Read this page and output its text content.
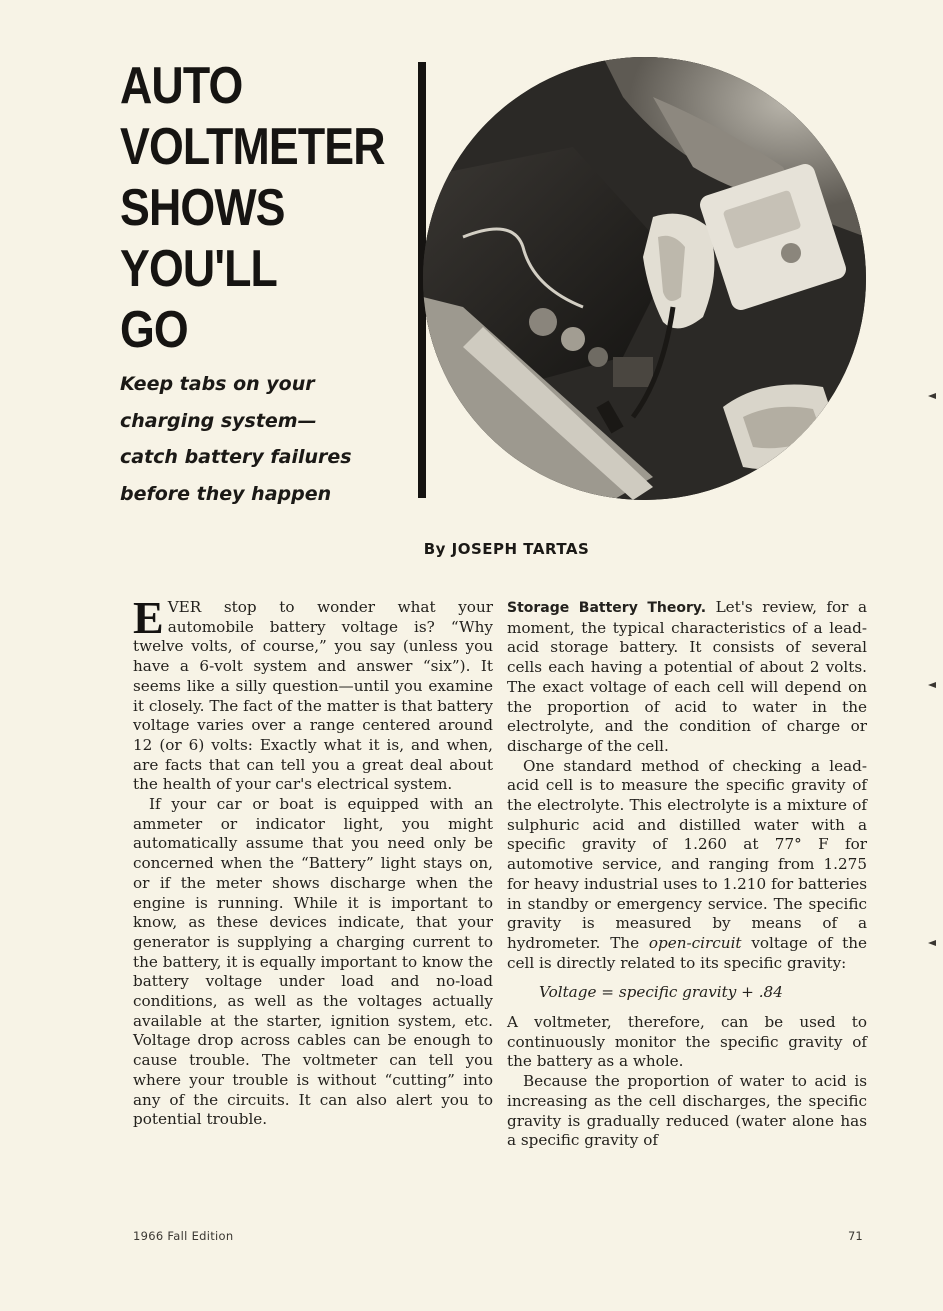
AUTO
VOLTMETER
SHOWS
YOU'LL
GO
Keep tabs on your
charging system—
catch battery failures
before they happen
By JOSEPH TARTAS

EVER stop to wonder what your automobile battery voltage is? “Why twelve volts, of course,” you say (unless you have a 6-volt system and answer “six”). It seems like a silly question—until you examine it closely. The fact of the matter is that battery voltage varies over a range centered around 12 (or 6) volts: Exactly what it is, and when, are facts that can tell you a great deal about the health of your car's electrical system.

If your car or boat is equipped with an ammeter or indicator light, you might automatically assume that you need only be concerned when the “Battery” light stays on, or if the meter shows discharge when the engine is running. While it is important to know, as these devices indicate, that your generator is supplying a charging current to the battery, it is equally important to know the battery voltage under load and no-load conditions, as well as the voltages actually available at the starter, ignition system, etc. Voltage drop across cables can be enough to cause trouble. The voltmeter can tell you where your trouble is without “cutting” into any of the circuits. It can also alert you to potential trouble.

Storage Battery Theory. Let's review, for a moment, the typical characteristics of a lead-acid storage battery. It consists of several cells each having a potential of about 2 volts. The exact voltage of each cell will depend on the proportion of acid to water in the electrolyte, and the condition of charge or discharge of the cell.

One standard method of checking a lead-acid cell is to measure the specific gravity of the electrolyte. This electrolyte is a mixture of sulphuric acid and distilled water with a specific gravity of 1.260 at 77° F for automotive service, and ranging from 1.275 for heavy industrial uses to 1.210 for batteries in standby or emergency service. The specific gravity is measured by means of a hydrometer. The open-circuit voltage of the cell is directly related to its specific gravity:

Voltage = specific gravity + .84

A voltmeter, therefore, can be used to continuously monitor the specific gravity of the battery as a whole.

Because the proportion of water to acid is increasing as the cell discharges, the specific gravity is gradually reduced (water alone has a specific gravity of

1966 Fall Edition	71
